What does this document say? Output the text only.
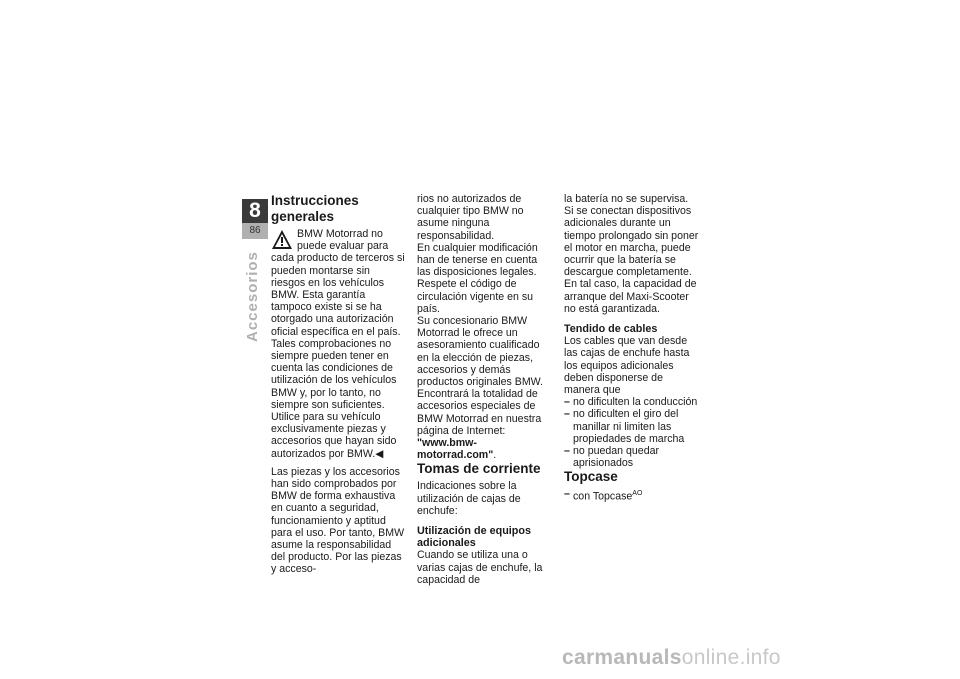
8
86
Accesorios
Instrucciones generales

BMW Motorrad no puede evaluar para cada producto de terceros si pueden montarse sin riesgos en los vehículos BMW. Esta garantía tampoco existe si se ha otorgado una autorización oficial específica en el país. Tales comprobaciones no siempre pueden tener en cuenta las condiciones de utilización de los vehículos BMW y, por lo tanto, no siempre son suficientes.

Utilice para su vehículo exclusivamente piezas y accesorios que hayan sido autorizados por BMW.◀

Las piezas y los accesorios han sido comprobados por BMW de forma exhaustiva en cuanto a seguridad, funcionamiento y aptitud para el uso. Por tanto, BMW asume la responsabilidad del producto. Por las piezas y acceso-

rios no autorizados de cualquier tipo BMW no asume ninguna responsabilidad.

En cualquier modificación han de tenerse en cuenta las disposiciones legales. Respete el código de circulación vigente en su país.

Su concesionario BMW Motorrad le ofrece un asesoramiento cualificado en la elección de piezas, accesorios y demás productos originales BMW.

Encontrará la totalidad de accesorios especiales de BMW Motorrad en nuestra página de Internet: "www.bmw-motorrad.com".

Tomas de corriente

Indicaciones sobre la utilización de cajas de enchufe:

Utilización de equipos adicionales

Cuando se utiliza una o varias cajas de enchufe, la capacidad de

la batería no se supervisa. Si se conectan dispositivos adicionales durante un tiempo prolongado sin poner el motor en marcha, puede ocurrir que la batería se descargue completamente. En tal caso, la capacidad de arranque del Maxi-Scooter no está garantizada.

Tendido de cables

Los cables que van desde las cajas de enchufe hasta los equipos adicionales deben disponerse de manera que

– no dificulten la conducción
– no dificulten el giro del manillar ni limiten las propiedades de marcha
– no puedan quedar aprisionados
Topcase
– con Topcase$^{AO}$
carmanualsonline.info
